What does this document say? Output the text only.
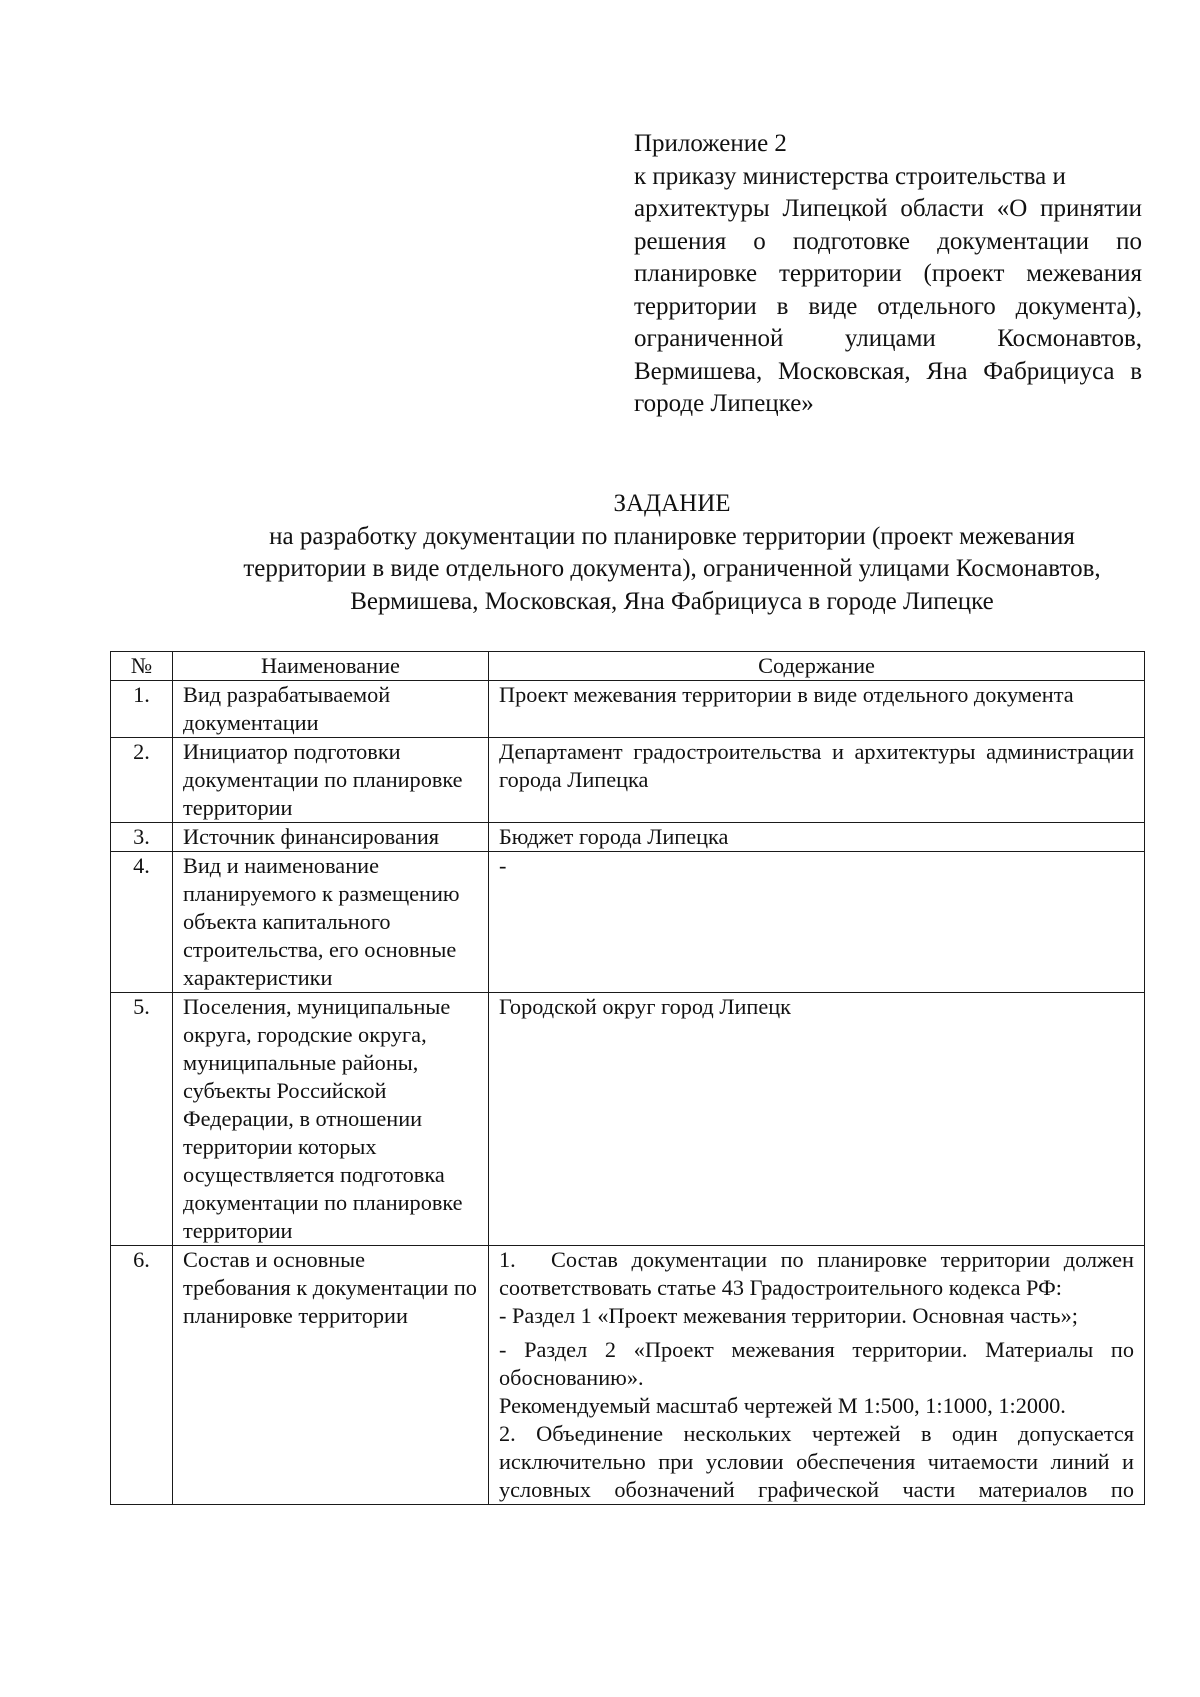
Приложение 2
к приказу министерства строительства и
архитектуры Липецкой области «О принятии решения о подготовке документации по планировке территории (проект межевания территории в виде отдельного документа), ограниченной улицами Космонавтов, Вермишева, Московская, Яна Фабрициуса в городе Липецке»
ЗАДАНИЕ
на разработку документации по планировке территории (проект межевания
территории в виде отдельного документа), ограниченной улицами Космонавтов,
Вермишева, Московская, Яна Фабрициуса в городе Липецке
№	Наименование	Содержание
1.	Вид разрабатываемой документации	Проект межевания территории в виде отдельного документа
2.	Инициатор подготовки документации по планировке территории	Департамент градостроительства и архитектуры администрации города Липецка
3.	Источник финансирования	Бюджет города Липецка
4.	Вид и наименование планируемого к размещению объекта капитального строительства, его основные характеристики	-
5.	Поселения, муниципальные округа, городские округа, муниципальные районы, субъекты Российской Федерации, в отношении территории которых осуществляется подготовка документации по планировке территории	Городской округ город Липецк
6.	Состав и основные требования к документации по планировке территории	1. Состав документации по планировке территории должен соответствовать статье 43 Градостроительного кодекса РФ:
- Раздел 1 «Проект межевания территории. Основная часть»;
- Раздел 2 «Проект межевания территории. Материалы по обоснованию».
Рекомендуемый масштаб чертежей М 1:500, 1:1000, 1:2000.
2. Объединение нескольких чертежей в один допускается исключительно при условии обеспечения читаемости линий и условных обозначений графической части материалов по
